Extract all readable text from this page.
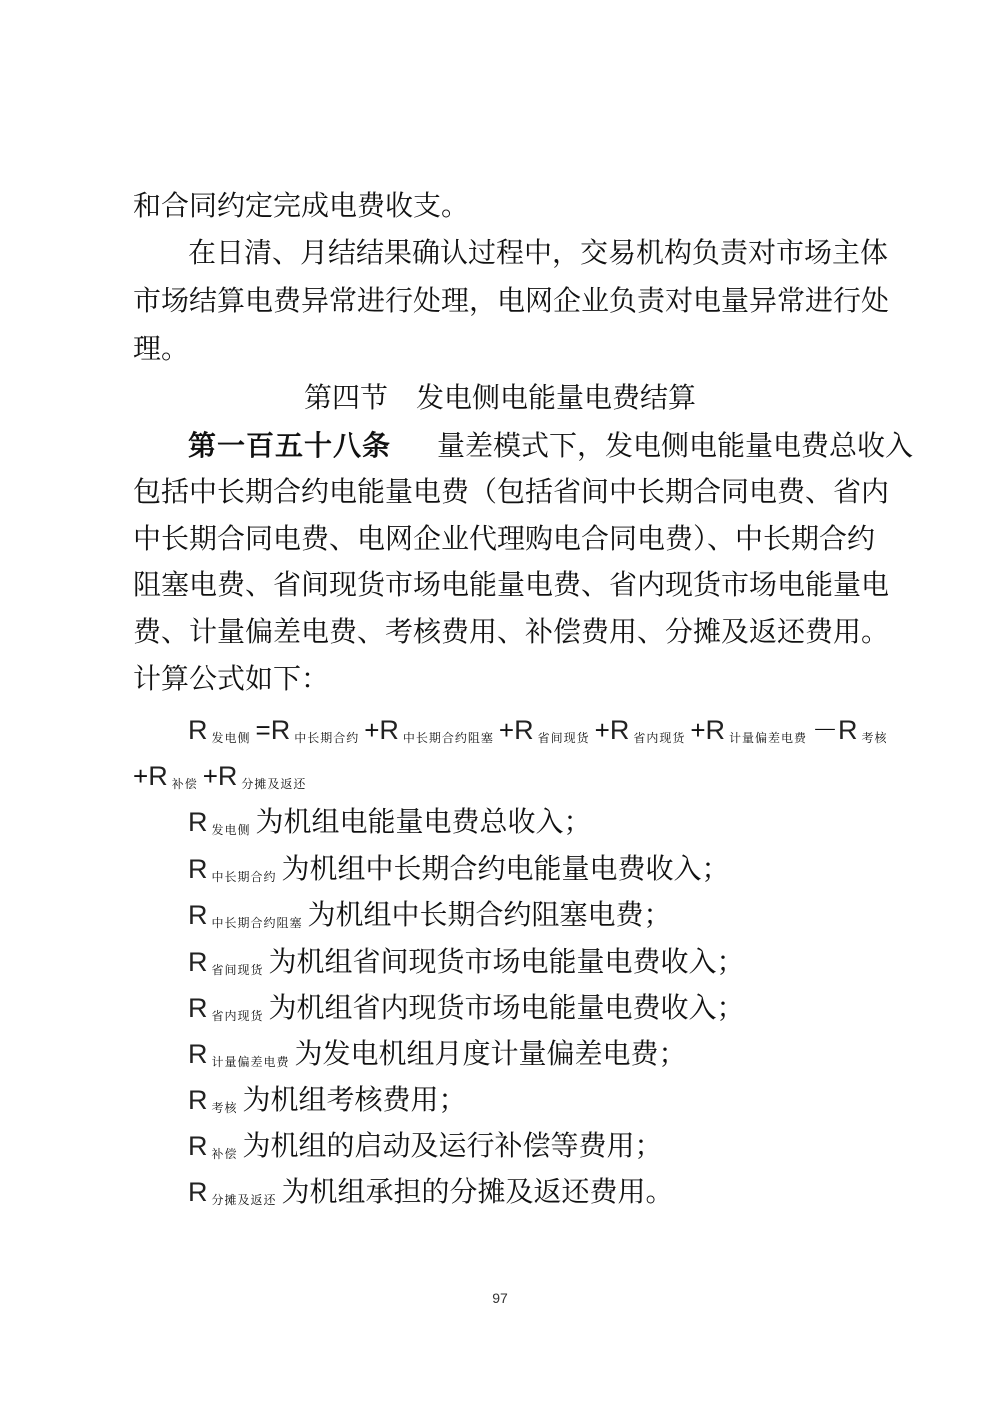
和合同约定完成电费收支。
在日清、月结结果确认过程中，交易机构负责对市场主体
市场结算电费异常进行处理，电网企业负责对电量异常进行处
理。
第四节　发电侧电能量电费结算
第一百五十八条 量差模式下，发电侧电能量电费总收入
包括中长期合约电能量电费（包括省间中长期合同电费、省内
中长期合同电费、电网企业代理购电合同电费）、中长期合约
阻塞电费、省间现货市场电能量电费、省内现货市场电能量电
费、计量偏差电费、考核费用、补偿费用、分摊及返还费用。
计算公式如下：
R $_{发电侧}$ =R $_{中长期合约}$ +R $_{中长期合约阻塞}$ +R $_{省间现货}$ +R $_{省内现货}$ +R $_{计量偏差电费}$ －R $_{考核}$
+R $_{补偿}$ +R $_{分摊及返还}$
R $_{发电侧}$ 为机组电能量电费总收入；
R $_{中长期合约}$ 为机组中长期合约电能量电费收入；
R $_{中长期合约阻塞}$ 为机组中长期合约阻塞电费；
R $_{省间现货}$ 为机组省间现货市场电能量电费收入；
R $_{省内现货}$ 为机组省内现货市场电能量电费收入；
R $_{计量偏差电费}$ 为发电机组月度计量偏差电费；
R $_{考核}$ 为机组考核费用；
R $_{补偿}$ 为机组的启动及运行补偿等费用；
R $_{分摊及返还}$ 为机组承担的分摊及返还费用。
97
